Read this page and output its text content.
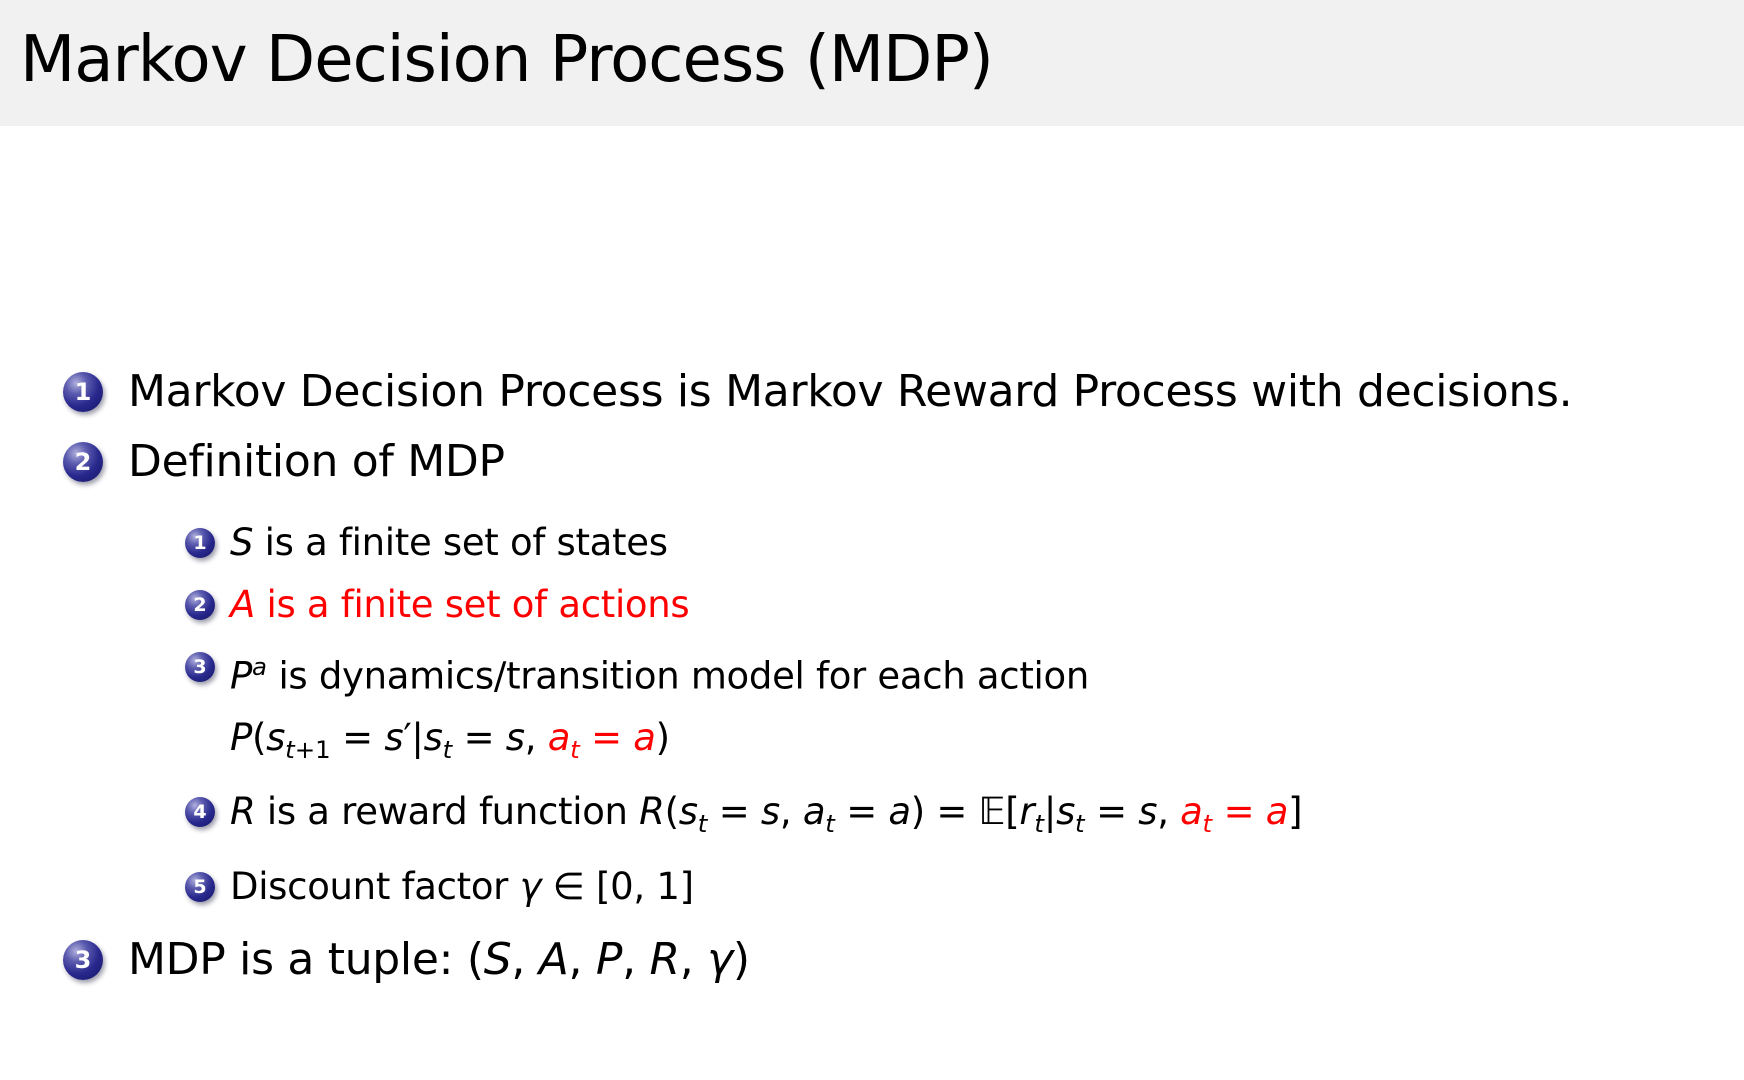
Markov Decision Process (MDP)
1 Markov Decision Process is Markov Reward Process with decisions.
2 Definition of MDP
1 S is a finite set of states
2 A is a finite set of actions
3 $P^a$ is dynamics/transition model for each action
$P(s_{t+1} = s'|s_t = s$, $a_t = a$)
4 R is a reward function $R(s_t = s$, $a_t = a$) = $𝔼[r_t|s_t = s$, $a_t = a$]
5 Discount factor γ ∈ [0, 1]
3 MDP is a tuple: (S, A, P, R, γ)
